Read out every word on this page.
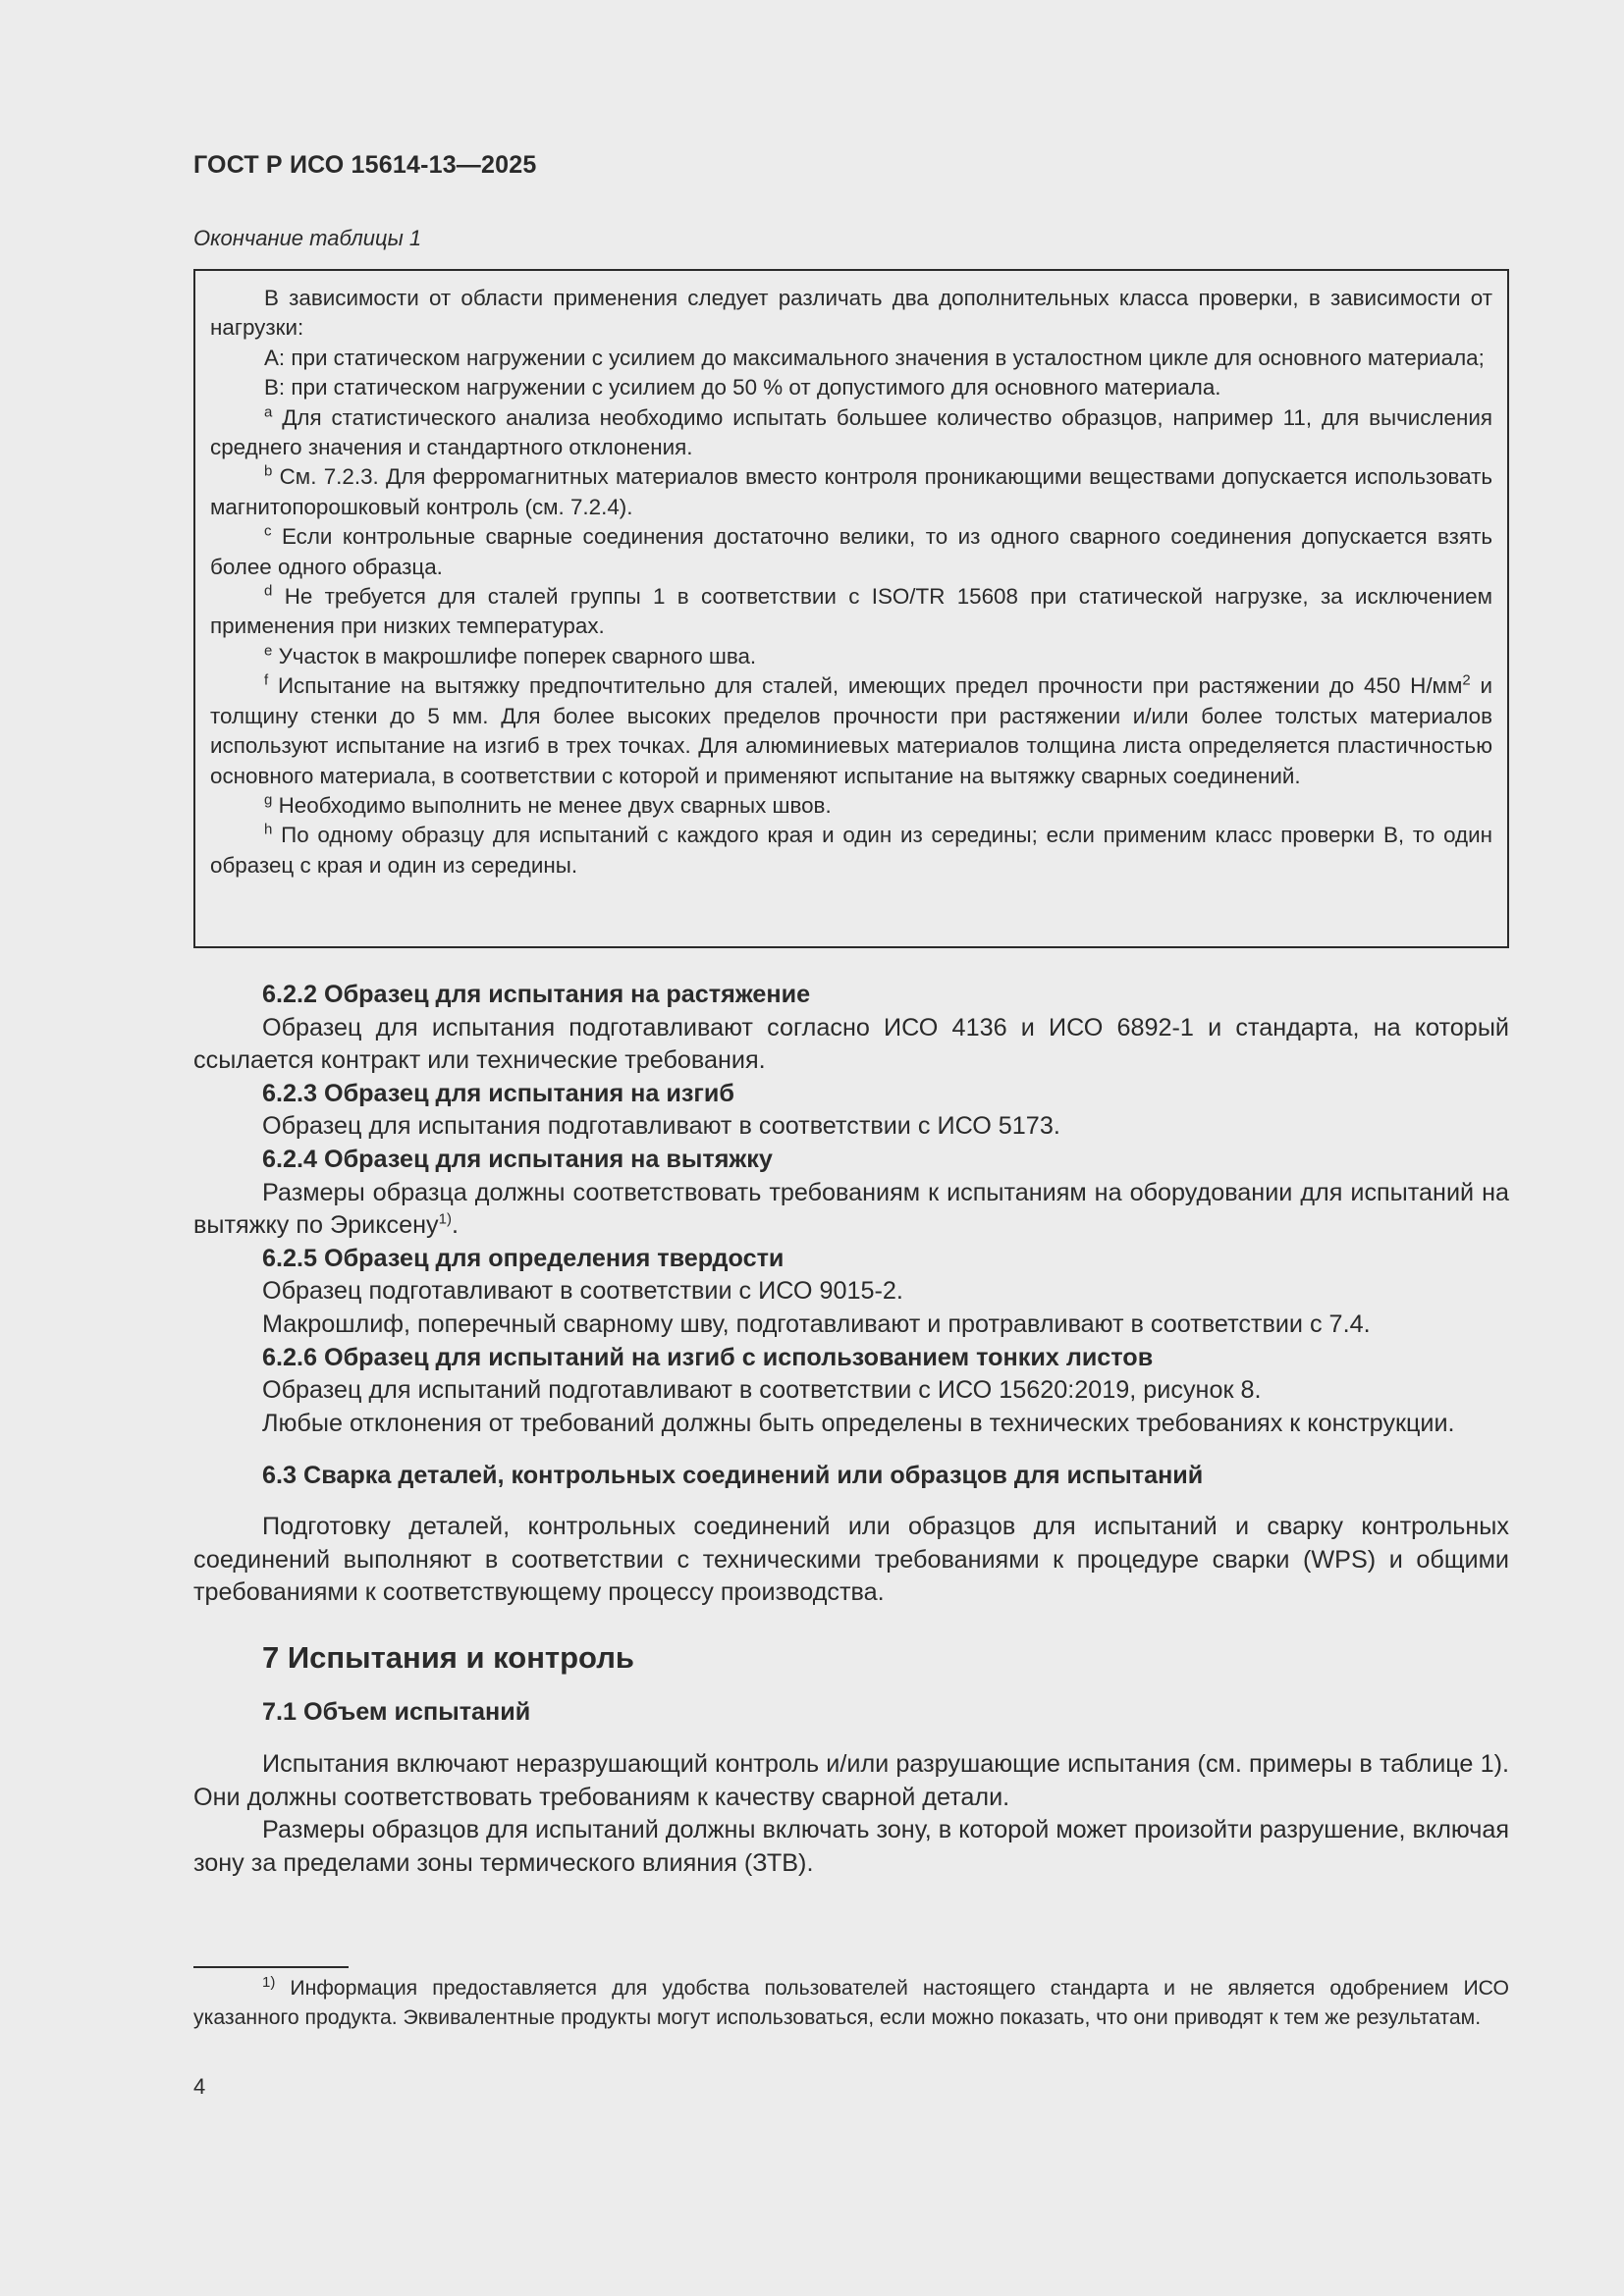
ГОСТ Р ИСО 15614-13—2025
Окончание таблицы 1

В зависимости от области применения следует различать два дополнительных класса проверки, в зависимости от нагрузки:

A: при статическом нагружении с усилием до максимального значения в усталостном цикле для основного материала;

B: при статическом нагружении с усилием до 50 % от допустимого для основного материала.

$^a$ Для статистического анализа необходимо испытать большее количество образцов, например 11, для вычисления среднего значения и стандартного отклонения.

$^b$ См. 7.2.3. Для ферромагнитных материалов вместо контроля проникающими веществами допускается использовать магнитопорошковый контроль (см. 7.2.4).

$^c$ Если контрольные сварные соединения достаточно велики, то из одного сварного соединения допускается взять более одного образца.

$^d$ Не требуется для сталей группы 1 в соответствии с ISO/TR 15608 при статической нагрузке, за исключением применения при низких температурах.

$^e$ Участок в макрошлифе поперек сварного шва.

$^f$ Испытание на вытяжку предпочтительно для сталей, имеющих предел прочности при растяжении до 450 $Н/мм^2$ и толщину стенки до 5 мм. Для более высоких пределов прочности при растяжении и/или более толстых материалов используют испытание на изгиб в трех точках. Для алюминиевых материалов толщина листа определяется пластичностью основного материала, в соответствии с которой и применяют испытание на вытяжку сварных соединений.

$^g$ Необходимо выполнить не менее двух сварных швов.

$^h$ По одному образцу для испытаний с каждого края и один из середины; если применим класс проверки B, то один образец с края и один из середины.

6.2.2 Образец для испытания на растяжение

Образец для испытания подготавливают согласно ИСО 4136 и ИСО 6892-1 и стандарта, на который ссылается контракт или технические требования.

6.2.3 Образец для испытания на изгиб

Образец для испытания подготавливают в соответствии с ИСО 5173.

6.2.4 Образец для испытания на вытяжку

Размеры образца должны соответствовать требованиям к испытаниям на оборудовании для испытаний на вытяжку по Эриксену$^{1)}$.

6.2.5 Образец для определения твердости

Образец подготавливают в соответствии с ИСО 9015-2.

Макрошлиф, поперечный сварному шву, подготавливают и протравливают в соответствии с 7.4.

6.2.6 Образец для испытаний на изгиб с использованием тонких листов

Образец для испытаний подготавливают в соответствии с ИСО 15620:2019, рисунок 8.

Любые отклонения от требований должны быть определены в технических требованиях к конструкции.

6.3 Сварка деталей, контрольных соединений или образцов для испытаний

Подготовку деталей, контрольных соединений или образцов для испытаний и сварку контрольных соединений выполняют в соответствии с техническими требованиями к процедуре сварки (WPS) и общими требованиями к соответствующему процессу производства.

7 Испытания и контроль

7.1 Объем испытаний

Испытания включают неразрушающий контроль и/или разрушающие испытания (см. примеры в таблице 1). Они должны соответствовать требованиям к качеству сварной детали.

Размеры образцов для испытаний должны включать зону, в которой может произойти разрушение, включая зону за пределами зоны термического влияния (ЗТВ).

$^{1)}$ Информация предоставляется для удобства пользователей настоящего стандарта и не является одобрением ИСО указанного продукта. Эквивалентные продукты могут использоваться, если можно показать, что они приводят к тем же результатам.

4
